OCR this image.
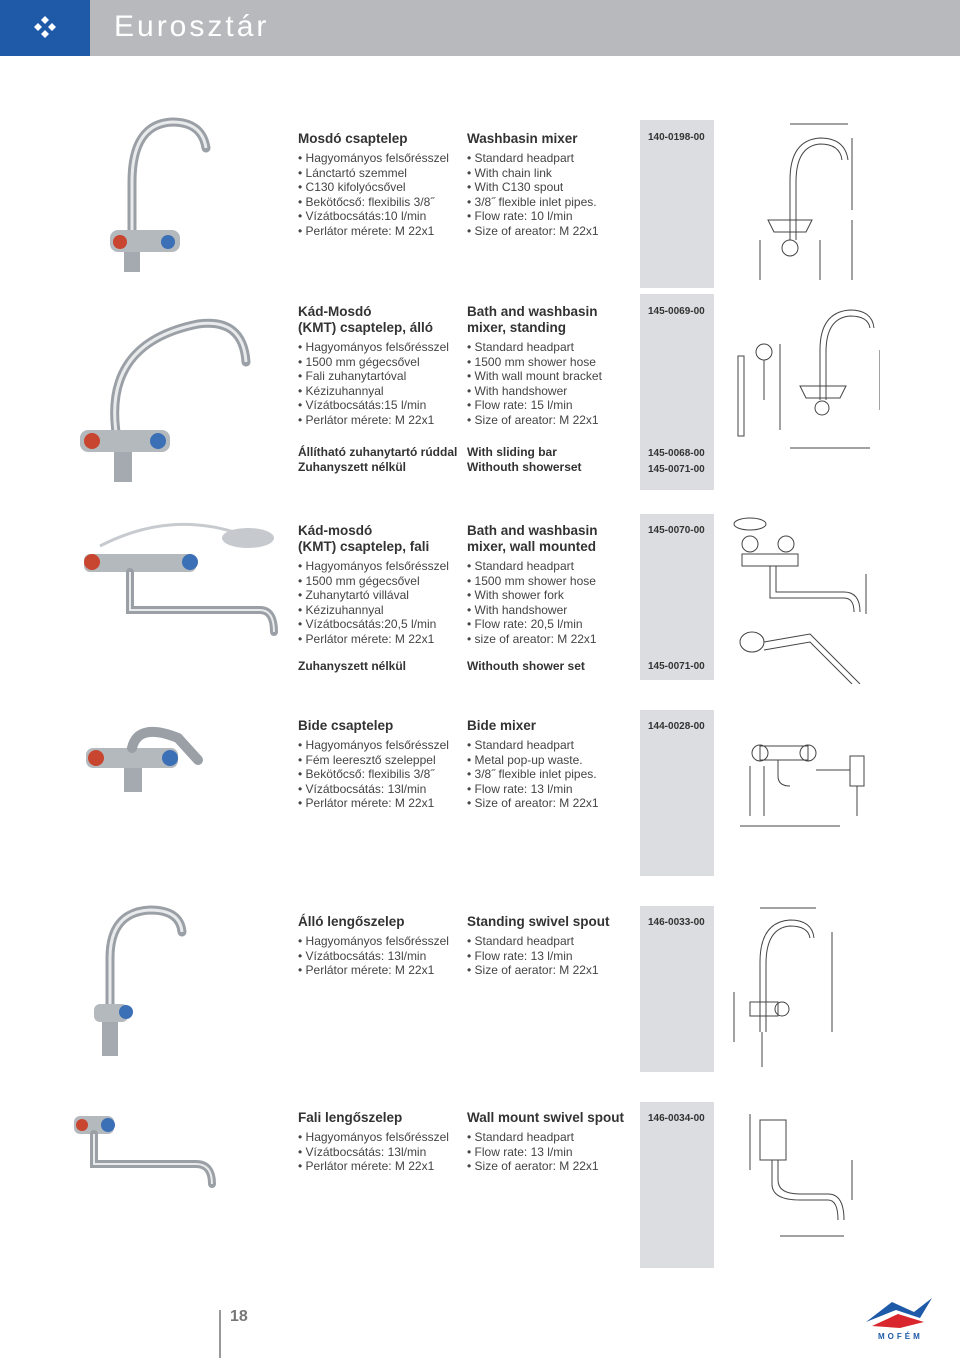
Eurosztár
Mosdó csaptelep
• Hagyományos felsőrésszel
• Lánctartó szemmel
• C130 kifolyócsővel
• Bekötőcső: flexibilis 3/8˝
• Vízátbocsátás:10 l/min
• Perlátor mérete: M 22x1
Washbasin mixer
• Standard headpart
• With chain link
• With C130 spout
• 3/8˝ flexible inlet pipes.
• Flow rate: 10 l/min
• Size of areator: M 22x1
140-0198-00
Kád-Mosdó
(KMT) csaptelep, álló
• Hagyományos felsőrésszel
• 1500 mm gégecsővel
• Fali zuhanytartóval
• Kézizuhannyal
• Vízátbocsátás:15 l/min
• Perlátor mérete: M 22x1
Bath and washbasin
mixer, standing
• Standard headpart
• 1500 mm shower hose
• With wall mount bracket
• With handshower
• Flow rate: 15 l/min
• Size of areator: M 22x1
Állítható zuhanytartó rúddal
Zuhanyszett nélkül
With sliding bar
Withouth showerset
145-0069-00
145-0068-00
145-0071-00
Kád-mosdó
(KMT) csaptelep, fali
• Hagyományos felsőrésszel
• 1500 mm gégecsővel
• Zuhanytartó villával
• Kézizuhannyal
• Vízátbocsátás:20,5 l/min
• Perlátor mérete: M 22x1
Bath and washbasin
mixer, wall mounted
• Standard headpart
• 1500 mm shower hose
• With shower fork
• With handshower
• Flow rate: 20,5 l/min
• size of areator: M 22x1
Zuhanyszett nélkül	Withouth shower set
145-0070-00
145-0071-00
Bide csaptelep
• Hagyományos felsőrésszel
• Fém leeresztő szeleppel
• Bekötőcső: flexibilis 3/8˝
• Vízátbocsátás: 13l/min
• Perlátor mérete: M 22x1
Bide mixer
• Standard headpart
• Metal pop-up waste.
• 3/8˝ flexible inlet pipes.
• Flow rate: 13 l/min
• Size of areator: M 22x1
144-0028-00
Álló lengőszelep
• Hagyományos felsőrésszel
• Vízátbocsátás: 13l/min
• Perlátor mérete: M 22x1
Standing swivel spout
• Standard headpart
• Flow rate: 13 l/min
• Size of aerator: M 22x1
146-0033-00
Fali lengőszelep
• Hagyományos felsőrésszel
• Vízátbocsátás: 13l/min
• Perlátor mérete: M 22x1
Wall mount swivel spout
• Standard headpart
• Flow rate: 13 l/min
• Size of aerator: M 22x1
146-0034-00
18
MOFÉM
